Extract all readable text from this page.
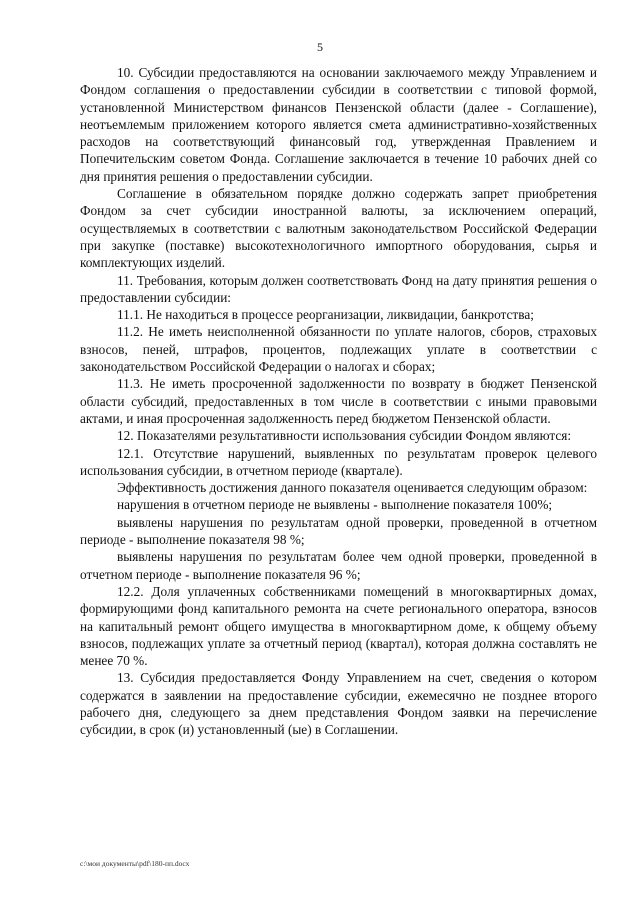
5

10. Субсидии предоставляются на основании заключаемого между Управлением и Фондом соглашения о предоставлении субсидии в соответствии с типовой формой, установленной Министерством финансов Пензенской области (далее - Соглашение), неотъемлемым приложением которого является смета административно-хозяйственных расходов на соответствующий финансовый год, утвержденная Правлением и Попечительским советом Фонда. Соглашение заключается в течение 10 рабочих дней со дня принятия решения о предоставлении субсидии.

Соглашение в обязательном порядке должно содержать запрет приобретения Фондом за счет субсидии иностранной валюты, за исключением операций, осуществляемых в соответствии с валютным законодательством Российской Федерации при закупке (поставке) высокотехнологичного импортного оборудования, сырья и комплектующих изделий.

11. Требования, которым должен соответствовать Фонд на дату принятия решения о предоставлении субсидии:

11.1. Не находиться в процессе реорганизации, ликвидации, банкротства;

11.2. Не иметь неисполненной обязанности по уплате налогов, сборов, страховых взносов, пеней, штрафов, процентов, подлежащих уплате в соответствии с законодательством Российской Федерации о налогах и сборах;

11.3. Не иметь просроченной задолженности по возврату в бюджет Пензенской области субсидий, предоставленных в том числе в соответствии с иными правовыми актами, и иная просроченная задолженность перед бюджетом Пензенской области.

12. Показателями результативности использования субсидии Фондом являются:

12.1. Отсутствие нарушений, выявленных по результатам проверок целевого использования субсидии, в отчетном периоде (квартале).

Эффективность достижения данного показателя оценивается следующим образом:

нарушения в отчетном периоде не выявлены - выполнение показателя 100%;

выявлены нарушения по результатам одной проверки, проведенной в отчетном периоде - выполнение показателя 98 %;

выявлены нарушения по результатам более чем одной проверки, проведенной в отчетном периоде - выполнение показателя 96 %;

12.2. Доля уплаченных собственниками помещений в многоквартирных домах, формирующими фонд капитального ремонта на счете регионального оператора, взносов на капитальный ремонт общего имущества в многоквартирном доме, к общему объему взносов, подлежащих уплате за отчетный период (квартал), которая должна составлять не менее 70 %.

13. Субсидия предоставляется Фонду Управлением на счет, сведения о котором содержатся в заявлении на предоставление субсидии, ежемесячно не позднее второго рабочего дня, следующего за днем представления Фондом заявки на перечисление субсидии, в срок (и) установленный (ые) в Соглашении.

c:\мои документы\pdf\180-пп.docx
